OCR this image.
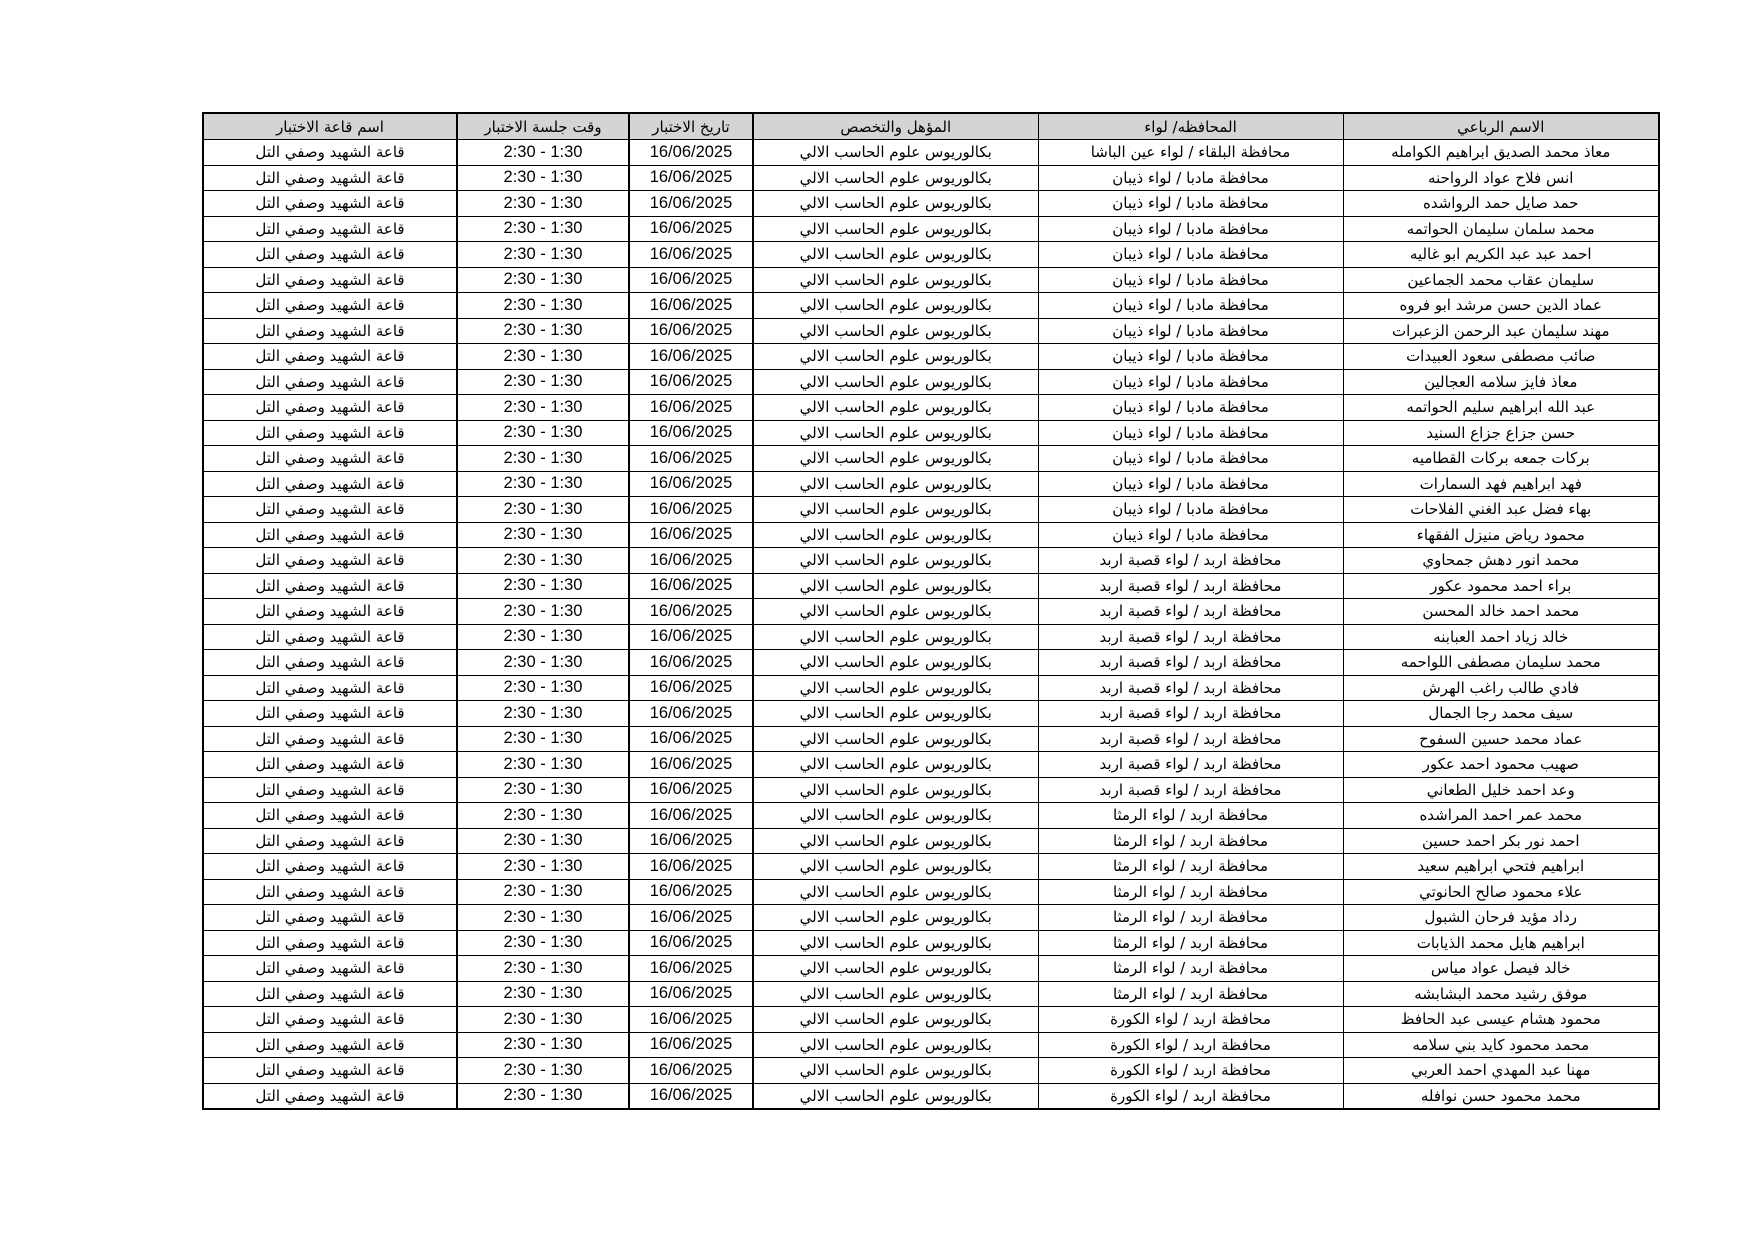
الاسم الرباعي	المحافظه/ لواء	المؤهل والتخصص	تاريخ الاختبار	وقت جلسة الاختبار	اسم قاعة الاختبار
معاذ محمد الصديق ابراهيم الكوامله	محافظة البلقاء / لواء عين الباشا	بكالوريوس علوم الحاسب الالي	16/06/2025	2:30 - 1:30	قاعة الشهيد وصفي التل
انس فلاح عواد الرواحنه	محافظة مادبا / لواء ذيبان	بكالوريوس علوم الحاسب الالي	16/06/2025	2:30 - 1:30	قاعة الشهيد وصفي التل
حمد صايل حمد الرواشده	محافظة مادبا / لواء ذيبان	بكالوريوس علوم الحاسب الالي	16/06/2025	2:30 - 1:30	قاعة الشهيد وصفي التل
محمد سلمان سليمان الحواتمه	محافظة مادبا / لواء ذيبان	بكالوريوس علوم الحاسب الالي	16/06/2025	2:30 - 1:30	قاعة الشهيد وصفي التل
احمد عبد عبد الكريم ابو غاليه	محافظة مادبا / لواء ذيبان	بكالوريوس علوم الحاسب الالي	16/06/2025	2:30 - 1:30	قاعة الشهيد وصفي التل
سليمان عقاب محمد الجماعين	محافظة مادبا / لواء ذيبان	بكالوريوس علوم الحاسب الالي	16/06/2025	2:30 - 1:30	قاعة الشهيد وصفي التل
عماد الدين حسن مرشد ابو فروه	محافظة مادبا / لواء ذيبان	بكالوريوس علوم الحاسب الالي	16/06/2025	2:30 - 1:30	قاعة الشهيد وصفي التل
مهند سليمان عبد الرحمن الزعبرات	محافظة مادبا / لواء ذيبان	بكالوريوس علوم الحاسب الالي	16/06/2025	2:30 - 1:30	قاعة الشهيد وصفي التل
صائب مصطفى سعود العبيدات	محافظة مادبا / لواء ذيبان	بكالوريوس علوم الحاسب الالي	16/06/2025	2:30 - 1:30	قاعة الشهيد وصفي التل
معاذ فايز سلامه العجالين	محافظة مادبا / لواء ذيبان	بكالوريوس علوم الحاسب الالي	16/06/2025	2:30 - 1:30	قاعة الشهيد وصفي التل
عبد الله ابراهيم سليم الحواتمه	محافظة مادبا / لواء ذيبان	بكالوريوس علوم الحاسب الالي	16/06/2025	2:30 - 1:30	قاعة الشهيد وصفي التل
حسن جزاع جزاع السنيد	محافظة مادبا / لواء ذيبان	بكالوريوس علوم الحاسب الالي	16/06/2025	2:30 - 1:30	قاعة الشهيد وصفي التل
بركات جمعه بركات القطاميه	محافظة مادبا / لواء ذيبان	بكالوريوس علوم الحاسب الالي	16/06/2025	2:30 - 1:30	قاعة الشهيد وصفي التل
فهد ابراهيم فهد السمارات	محافظة مادبا / لواء ذيبان	بكالوريوس علوم الحاسب الالي	16/06/2025	2:30 - 1:30	قاعة الشهيد وصفي التل
بهاء فضل عبد الغني الفلاحات	محافظة مادبا / لواء ذيبان	بكالوريوس علوم الحاسب الالي	16/06/2025	2:30 - 1:30	قاعة الشهيد وصفي التل
محمود رياض منيزل الفقهاء	محافظة مادبا / لواء ذيبان	بكالوريوس علوم الحاسب الالي	16/06/2025	2:30 - 1:30	قاعة الشهيد وصفي التل
محمد انور دهش جمحاوي	محافظة اربد / لواء قصبة اربد	بكالوريوس علوم الحاسب الالي	16/06/2025	2:30 - 1:30	قاعة الشهيد وصفي التل
براء احمد محمود عكور	محافظة اربد / لواء قصبة اربد	بكالوريوس علوم الحاسب الالي	16/06/2025	2:30 - 1:30	قاعة الشهيد وصفي التل
محمد احمد خالد المحسن	محافظة اربد / لواء قصبة اربد	بكالوريوس علوم الحاسب الالي	16/06/2025	2:30 - 1:30	قاعة الشهيد وصفي التل
خالد زياد احمد العبابنه	محافظة اربد / لواء قصبة اربد	بكالوريوس علوم الحاسب الالي	16/06/2025	2:30 - 1:30	قاعة الشهيد وصفي التل
محمد سليمان مصطفى اللواحمه	محافظة اربد / لواء قصبة اربد	بكالوريوس علوم الحاسب الالي	16/06/2025	2:30 - 1:30	قاعة الشهيد وصفي التل
فادي طالب راغب الهرش	محافظة اربد / لواء قصبة اربد	بكالوريوس علوم الحاسب الالي	16/06/2025	2:30 - 1:30	قاعة الشهيد وصفي التل
سيف محمد رجا الجمال	محافظة اربد / لواء قصبة اربد	بكالوريوس علوم الحاسب الالي	16/06/2025	2:30 - 1:30	قاعة الشهيد وصفي التل
عماد محمد حسين السفوح	محافظة اربد / لواء قصبة اربد	بكالوريوس علوم الحاسب الالي	16/06/2025	2:30 - 1:30	قاعة الشهيد وصفي التل
صهيب محمود احمد عكور	محافظة اربد / لواء قصبة اربد	بكالوريوس علوم الحاسب الالي	16/06/2025	2:30 - 1:30	قاعة الشهيد وصفي التل
وعد احمد خليل الطعاني	محافظة اربد / لواء قصبة اربد	بكالوريوس علوم الحاسب الالي	16/06/2025	2:30 - 1:30	قاعة الشهيد وصفي التل
محمد عمر احمد المراشده	محافظة اربد / لواء الرمثا	بكالوريوس علوم الحاسب الالي	16/06/2025	2:30 - 1:30	قاعة الشهيد وصفي التل
احمد نور بكر احمد حسين	محافظة اربد / لواء الرمثا	بكالوريوس علوم الحاسب الالي	16/06/2025	2:30 - 1:30	قاعة الشهيد وصفي التل
ابراهيم فتحي ابراهيم سعيد	محافظة اربد / لواء الرمثا	بكالوريوس علوم الحاسب الالي	16/06/2025	2:30 - 1:30	قاعة الشهيد وصفي التل
علاء محمود صالح الحانوتي	محافظة اربد / لواء الرمثا	بكالوريوس علوم الحاسب الالي	16/06/2025	2:30 - 1:30	قاعة الشهيد وصفي التل
رداد مؤيد فرحان الشبول	محافظة اربد / لواء الرمثا	بكالوريوس علوم الحاسب الالي	16/06/2025	2:30 - 1:30	قاعة الشهيد وصفي التل
ابراهيم هايل محمد الذيابات	محافظة اربد / لواء الرمثا	بكالوريوس علوم الحاسب الالي	16/06/2025	2:30 - 1:30	قاعة الشهيد وصفي التل
خالد فيصل عواد مياس	محافظة اربد / لواء الرمثا	بكالوريوس علوم الحاسب الالي	16/06/2025	2:30 - 1:30	قاعة الشهيد وصفي التل
موفق رشيد محمد البشابشه	محافظة اربد / لواء الرمثا	بكالوريوس علوم الحاسب الالي	16/06/2025	2:30 - 1:30	قاعة الشهيد وصفي التل
محمود هشام عيسى عبد الحافظ	محافظة اربد / لواء الكورة	بكالوريوس علوم الحاسب الالي	16/06/2025	2:30 - 1:30	قاعة الشهيد وصفي التل
محمد محمود كايد بني سلامه	محافظة اربد / لواء الكورة	بكالوريوس علوم الحاسب الالي	16/06/2025	2:30 - 1:30	قاعة الشهيد وصفي التل
مهنا عبد المهدي احمد العربي	محافظة اربد / لواء الكورة	بكالوريوس علوم الحاسب الالي	16/06/2025	2:30 - 1:30	قاعة الشهيد وصفي التل
محمد محمود حسن نوافله	محافظة اربد / لواء الكورة	بكالوريوس علوم الحاسب الالي	16/06/2025	2:30 - 1:30	قاعة الشهيد وصفي التل
